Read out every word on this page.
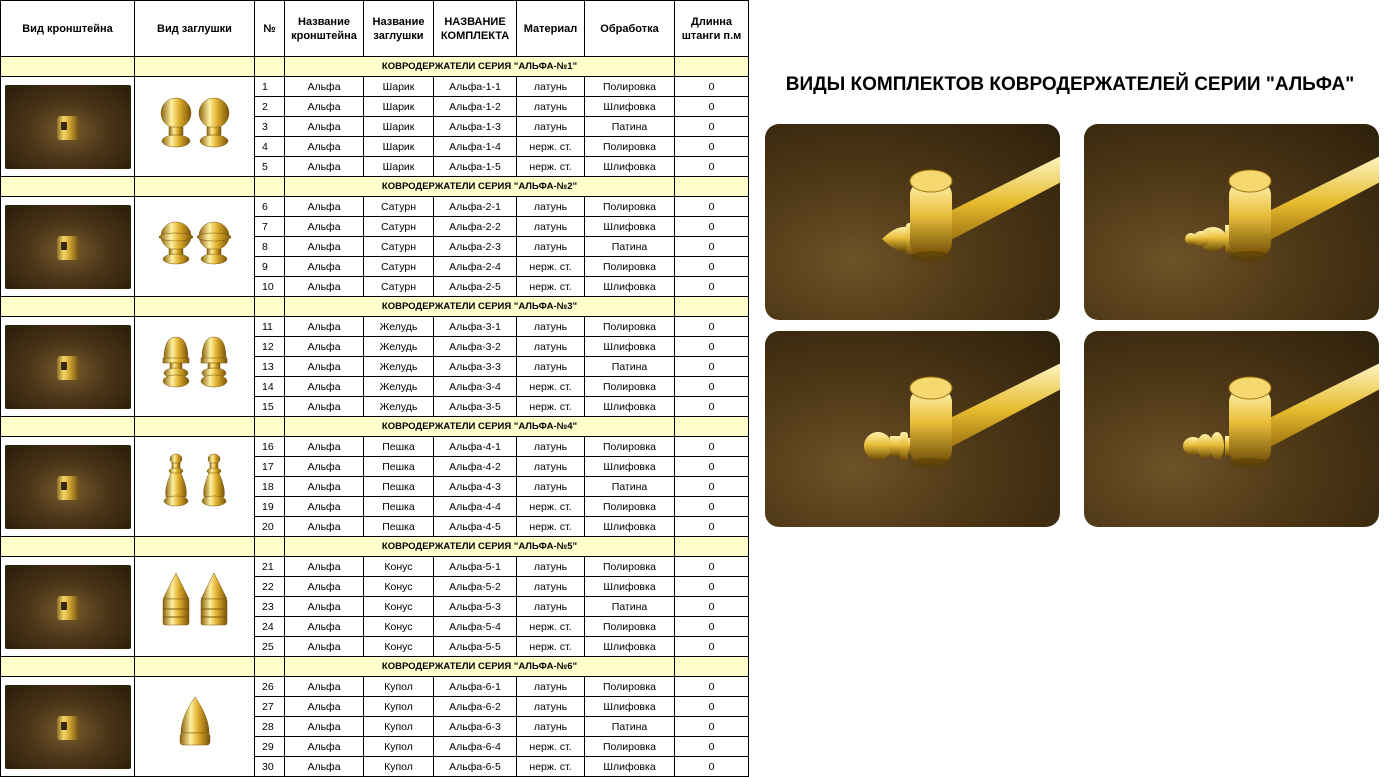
Вид кронштейна	Вид заглушки	№	Название кронштейна	Название заглушки	НАЗВАНИЕ КОМПЛЕКТА	Материал	Обработка	Длинна штанги п.м
			КОВРОДЕРЖАТЕЛИ СЕРИЯ "АЛЬФА-№1"					

		1	Альфа	Шарик	Альфа-1-1	латунь	Полировка	0
		2	Альфа	Шарик	Альфа-1-2	латунь	Шлифовка	0
		3	Альфа	Шарик	Альфа-1-3	латунь	Патина	0
		4	Альфа	Шарик	Альфа-1-4	нерж. ст.	Полировка	0
		5	Альфа	Шарик	Альфа-1-5	нерж. ст.	Шлифовка	0
			КОВРОДЕРЖАТЕЛИ СЕРИЯ "АЛЬФА-№2"					

		6	Альфа	Сатурн	Альфа-2-1	латунь	Полировка	0
		7	Альфа	Сатурн	Альфа-2-2	латунь	Шлифовка	0
		8	Альфа	Сатурн	Альфа-2-3	латунь	Патина	0
		9	Альфа	Сатурн	Альфа-2-4	нерж. ст.	Полировка	0
		10	Альфа	Сатурн	Альфа-2-5	нерж. ст.	Шлифовка	0
			КОВРОДЕРЖАТЕЛИ СЕРИЯ "АЛЬФА-№3"					

		11	Альфа	Желудь	Альфа-3-1	латунь	Полировка	0
		12	Альфа	Желудь	Альфа-3-2	латунь	Шлифовка	0
		13	Альфа	Желудь	Альфа-3-3	латунь	Патина	0
		14	Альфа	Желудь	Альфа-3-4	нерж. ст.	Полировка	0
		15	Альфа	Желудь	Альфа-3-5	нерж. ст.	Шлифовка	0
			КОВРОДЕРЖАТЕЛИ СЕРИЯ "АЛЬФА-№4"					

		16	Альфа	Пешка	Альфа-4-1	латунь	Полировка	0
		17	Альфа	Пешка	Альфа-4-2	латунь	Шлифовка	0
		18	Альфа	Пешка	Альфа-4-3	латунь	Патина	0
		19	Альфа	Пешка	Альфа-4-4	нерж. ст.	Полировка	0
		20	Альфа	Пешка	Альфа-4-5	нерж. ст.	Шлифовка	0
			КОВРОДЕРЖАТЕЛИ СЕРИЯ "АЛЬФА-№5"					

		21	Альфа	Конус	Альфа-5-1	латунь	Полировка	0
		22	Альфа	Конус	Альфа-5-2	латунь	Шлифовка	0
		23	Альфа	Конус	Альфа-5-3	латунь	Патина	0
		24	Альфа	Конус	Альфа-5-4	нерж. ст.	Полировка	0
		25	Альфа	Конус	Альфа-5-5	нерж. ст.	Шлифовка	0
			КОВРОДЕРЖАТЕЛИ СЕРИЯ "АЛЬФА-№6"					

		26	Альфа	Купол	Альфа-6-1	латунь	Полировка	0
		27	Альфа	Купол	Альфа-6-2	латунь	Шлифовка	0
		28	Альфа	Купол	Альфа-6-3	латунь	Патина	0
		29	Альфа	Купол	Альфа-6-4	нерж. ст.	Полировка	0
		30	Альфа	Купол	Альфа-6-5	нерж. ст.	Шлифовка	0
ВИДЫ КОМПЛЕКТОВ КОВРОДЕРЖАТЕЛЕЙ СЕРИИ "АЛЬФА"
